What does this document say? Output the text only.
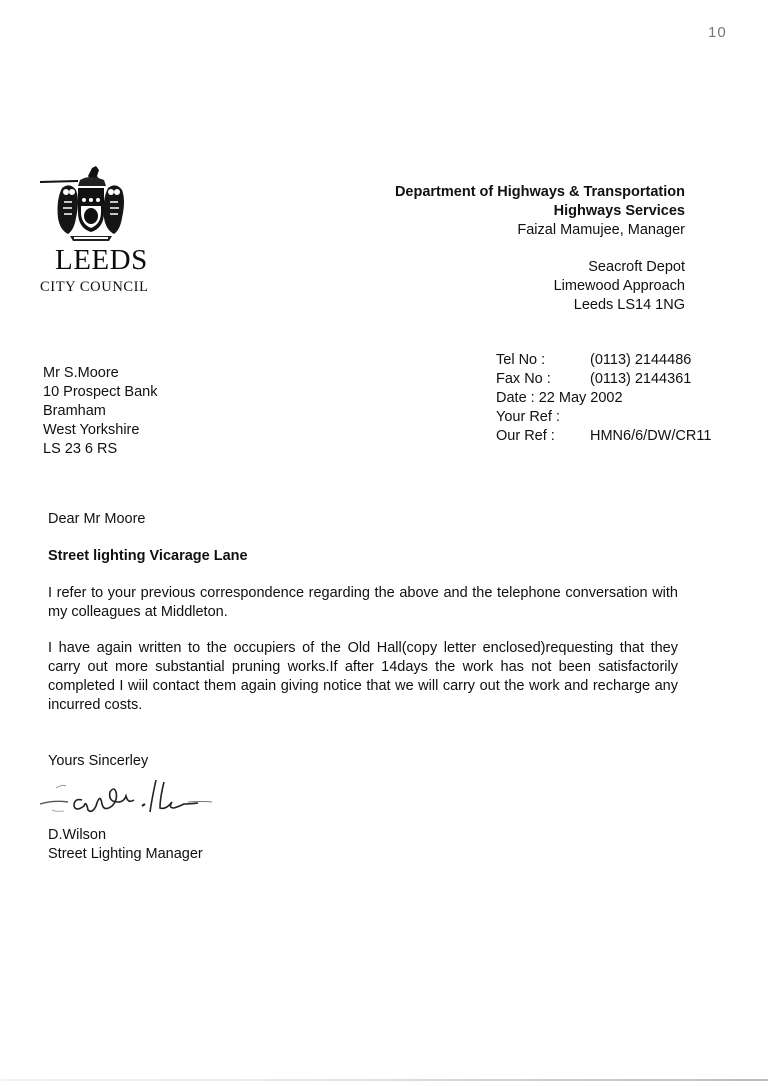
10
LEEDS
CITY COUNCIL
Department of Highways & Transportation
Highways Services
Faizal Mamujee, Manager
Seacroft Depot
Limewood Approach
Leeds LS14 1NG
Tel No :	(0113) 2144486
Fax No :	(0113) 2144361
Date : 22 May 2002
Your Ref :
Our Ref :	HMN6/6/DW/CR11
Mr S.Moore
10 Prospect Bank
Bramham
West Yorkshire
LS 23 6 RS
Dear Mr Moore
Street lighting Vicarage Lane
I refer to your previous correspondence regarding the above and the telephone conversation with my colleagues at Middleton.
I have again written to the occupiers of the Old Hall(copy letter enclosed)requesting that they carry out more substantial pruning works.If after 14days the work has not been satisfactorily completed I wiil contact them again giving notice that we will carry out the work and recharge any incurred costs.
Yours Sincerley
D.Wilson
Street Lighting Manager
